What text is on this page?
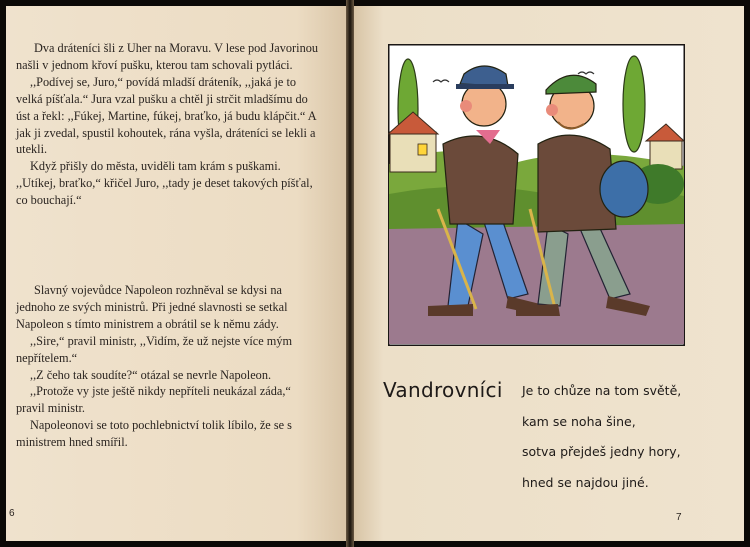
Dva dráteníci šli z Uher na Moravu. V lese pod Javorinou našli v jednom křoví pušku, kterou tam schovali pytláci.

,,Podívej se, Juro,“ povídá mladší dráteník, ,,jaká je to velká píšťala.“ Jura vzal pušku a chtěl ji strčit mladšímu do úst a řekl: ,,Fúkej, Martine, fúkej, braťko, já budu klápčit.“ A jak ji zvedal, spustil kohoutek, rána vyšla, dráteníci se lekli a utekli.

Když přišly do města, uviděli tam krám s puškami. ,,Utíkej, braťko,“ křičel Juro, ,,tady je deset takových píšťal, co bouchají.“

Slavný vojevůdce Napoleon rozhněval se kdysi na jednoho ze svých ministrů. Při jedné slavnosti se setkal Napoleon s tímto ministrem a obrátil se k němu zády.

,,Sire,“ pravil ministr, ,,Vidím, že už nejste více mým nepřítelem.“

,,Z čeho tak soudíte?“ otázal se nevrle Napoleon.

,,Protože vy jste ještě nikdy nepříteli neukázal záda,“ pravil ministr.

Napoleonovi se toto pochlebnictví tolik líbilo, že se s ministrem hned smířil.

6
Vandrovníci Je to chůze na tom světě,
kam se noha šine,
sotva přejdeš jedny hory,
hned se najdou jiné.
7
